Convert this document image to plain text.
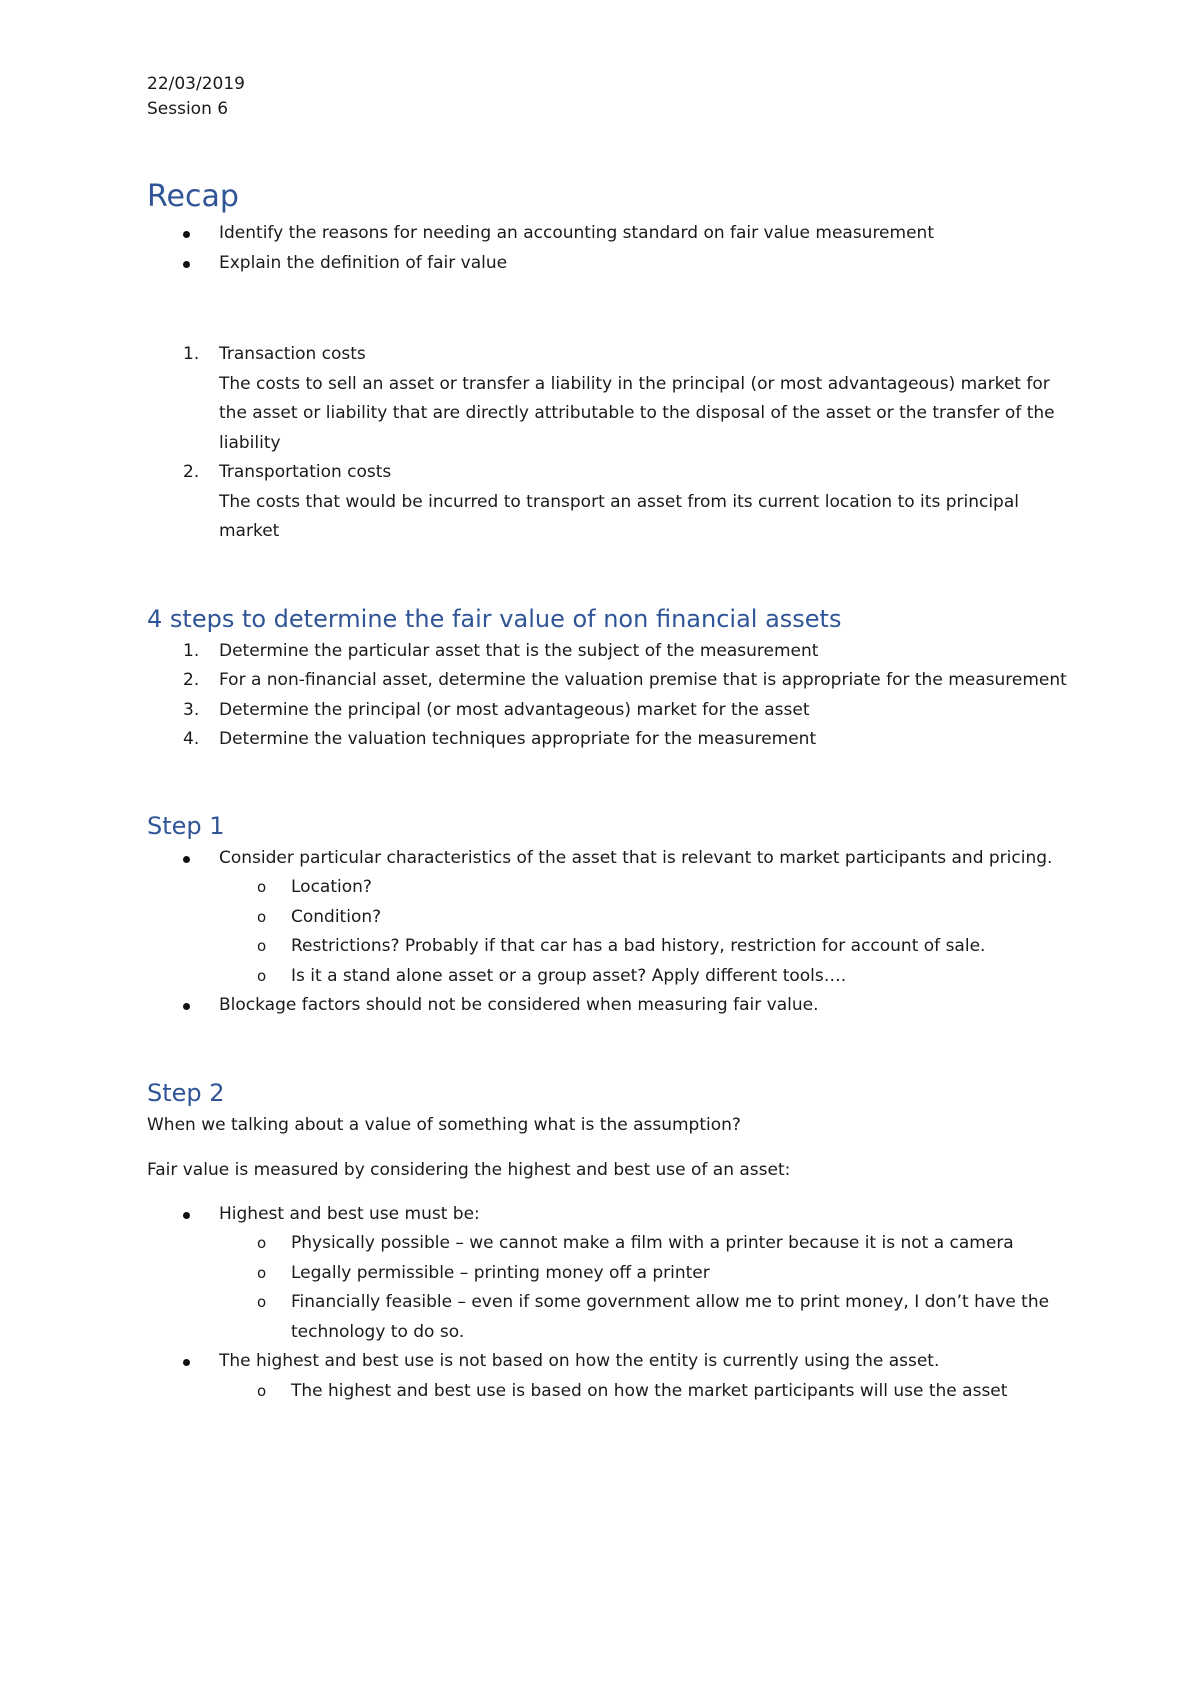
22/03/2019

Session 6

Recap
Identify the reasons for needing an accounting standard on fair value measurement
Explain the definition of fair value
1.	Transaction costs
The costs to sell an asset or transfer a liability in the principal (or most advantageous) market for the asset or liability that are directly attributable to the disposal of the asset or the transfer of the liability
2.	Transportation costs
The costs that would be incurred to transport an asset from its current location to its principal market
4 steps to determine the fair value of non financial assets
1.	Determine the particular asset that is the subject of the measurement
2.	For a non-financial asset, determine the valuation premise that is appropriate for the measurement
3.	Determine the principal (or most advantageous) market for the asset
4.	Determine the valuation techniques appropriate for the measurement
Step 1
Consider particular characteristics of the asset that is relevant to market participants and pricing.
o Location?
o Condition?
o Restrictions? Probably if that car has a bad history, restriction for account of sale.
o Is it a stand alone asset or a group asset? Apply different tools….
Blockage factors should not be considered when measuring fair value.
Step 2

When we talking about a value of something what is the assumption?

Fair value is measured by considering the highest and best use of an asset:

Highest and best use must be:
o Physically possible – we cannot make a film with a printer because it is not a camera
o Legally permissible – printing money off a printer
o Financially feasible – even if some government allow me to print money, I don’t have the technology to do so.
The highest and best use is not based on how the entity is currently using the asset.
o The highest and best use is based on how the market participants will use the asset
